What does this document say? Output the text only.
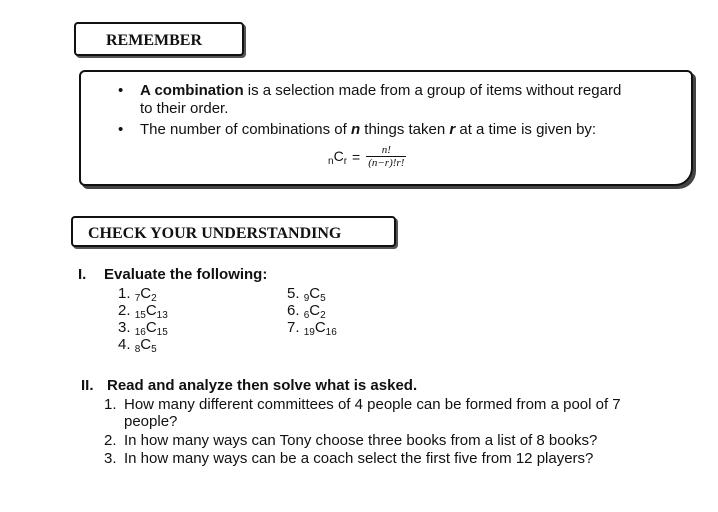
REMEMBER
• A combination is a selection made from a group of items without regard
to their order.
• The number of combinations of n things taken r at a time is given by:
$_nC_r = \frac{n!}{(n-r)!r!}$
CHECK YOUR UNDERSTANDING
I. Evaluate the following:
1. $_7C_2$
2. $_{15}C_{13}$
3. $_{16}C_{15}$
4. $_8C_5$
5. $_9C_5$
6. $_6C_2$
7. $_{19}C_{16}$
II. Read and analyze then solve what is asked.
1. How many different committees of 4 people can be formed from a pool of 7
people?
2. In how many ways can Tony choose three books from a list of 8 books?
3. In how many ways can be a coach select the first five from 12 players?
